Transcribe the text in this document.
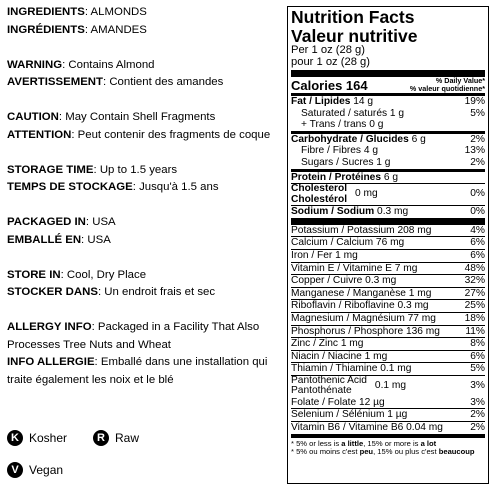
INGREDIENTS: ALMONDS
INGRÉDIENTS: AMANDES
WARNING: Contains Almond
AVERTISSEMENT: Contient des amandes
CAUTION: May Contain Shell Fragments
ATTENTION: Peut contenir des fragments de coque
STORAGE TIME: Up to 1.5 years
TEMPS DE STOCKAGE: Jusqu'à 1.5 ans
PACKAGED IN: USA
EMBALLÉ EN: USA
STORE IN: Cool, Dry Place
STOCKER DANS: Un endroit frais et sec
ALLERGY INFO: Packaged in a Facility That Also Processes Tree Nuts and Wheat
INFO ALLERGIE: Emballé dans une installation qui traite également les noix et le blé
K Kosher	R Raw
V Vegan
Nutrition Facts
Valeur nutritive
Per 1 oz (28 g)
pour 1 oz (28 g)
Calories 164	% Daily Value*
% valeur quotidienne*
Fat / Lipides 14 g	19%
Saturated / saturés 1 g	5%
+ Trans / trans 0 g
Carbohydrate / Glucides 6 g	2%
Fibre / Fibres 4 g	13%
Sugars / Sucres 1 g	2%
Protein / Protéines 6 g
Cholesterol
Cholestérol 0 mg	0%
Sodium / Sodium 0.3 mg	0%
Potassium / Potassium 208 mg	4%
Calcium / Calcium 76 mg	6%
Iron / Fer 1 mg	6%
Vitamin E / Vitamine E 7 mg	48%
Copper / Cuivre 0.3 mg	32%
Manganese / Manganèse 1 mg	27%
Riboflavin / Riboflavine 0.3 mg	25%
Magnesium / Magnésium 77 mg	18%
Phosphorus / Phosphore 136 mg 11%
Zinc / Zinc 1 mg	8%
Niacin / Niacine 1 mg	6%
Thiamin / Thiamine 0.1 mg	5%
Pantothenic Acid
Pantothénate	0.1 mg	3%
Folate / Folate 12 µg	3%
Selenium / Sélénium 1 µg	2%
Vitamin B6 / Vitamine B6 0.04 mg	2%
* 5% or less is a little, 15% or more is a lot
* 5% ou moins c'est peu, 15% ou plus c'est beaucoup
